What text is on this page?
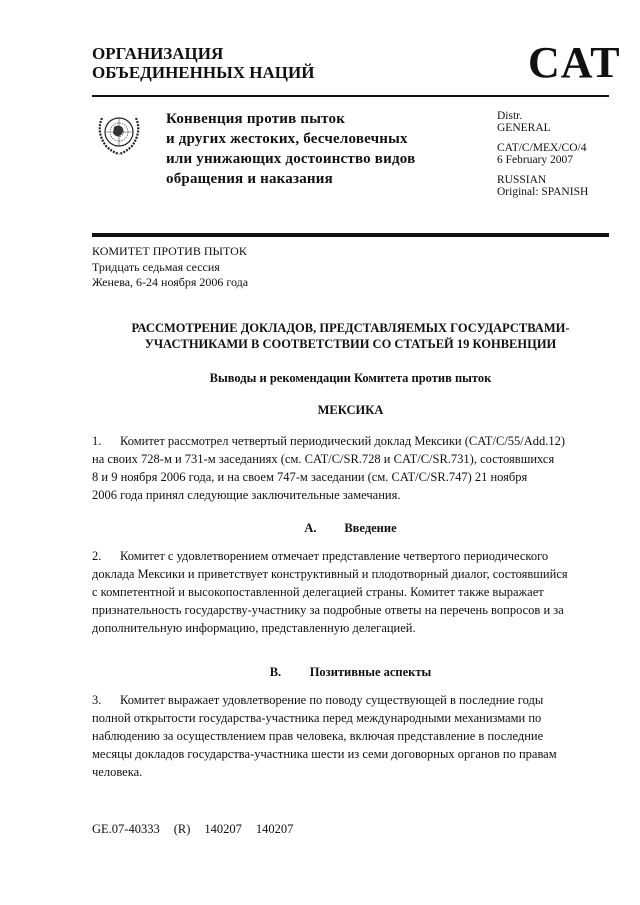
ОРГАНИЗАЦИЯ
ОБЪЕДИНЕННЫХ НАЦИЙ	CAT
Конвенция против пыток
и других жестоких, бесчеловечных
или унижающих достоинство видов
обращения и наказания
Distr.
GENERAL
CAT/C/MEX/CO/4
6 February 2007
RUSSIAN
Original: SPANISH
КОМИТЕТ ПРОТИВ ПЫТОК
Тридцать седьмая сессия
Женева, 6-24 ноября 2006 года
РАССМОТРЕНИЕ ДОКЛАДОВ, ПРЕДСТАВЛЯЕМЫХ ГОСУДАРСТВАМИ-
УЧАСТНИКАМИ В СООТВЕТСТВИИ СО СТАТЬЕЙ 19 КОНВЕНЦИИ
Выводы и рекомендации Комитета против пыток
МЕКСИКА
1. Комитет рассмотрел четвертый периодический доклад Мексики (CAT/C/55/Add.12)
на своих 728-м и 731-м заседаниях (см. CAT/C/SR.728 и CAT/C/SR.731), состоявшихся
8 и 9 ноября 2006 года, и на своем 747-м заседании (см. CAT/C/SR.747) 21 ноября
2006 года принял следующие заключительные замечания.
A. Введение
2. Комитет с удовлетворением отмечает представление четвертого периодического
доклада Мексики и приветствует конструктивный и плодотворный диалог, состоявшийся
с компетентной и высокопоставленной делегацией страны. Комитет также выражает
признательность государству-участнику за подробные ответы на перечень вопросов и за
дополнительную информацию, представленную делегацией.
B. Позитивные аспекты
3. Комитет выражает удовлетворение по поводу существующей в последние годы
полной открытости государства-участника перед международными механизмами по
наблюдению за осуществлением прав человека, включая представление в последние
месяцы докладов государства-участника шести из семи договорных органов по правам
человека.
GE.07-40333 (R) 140207 140207
